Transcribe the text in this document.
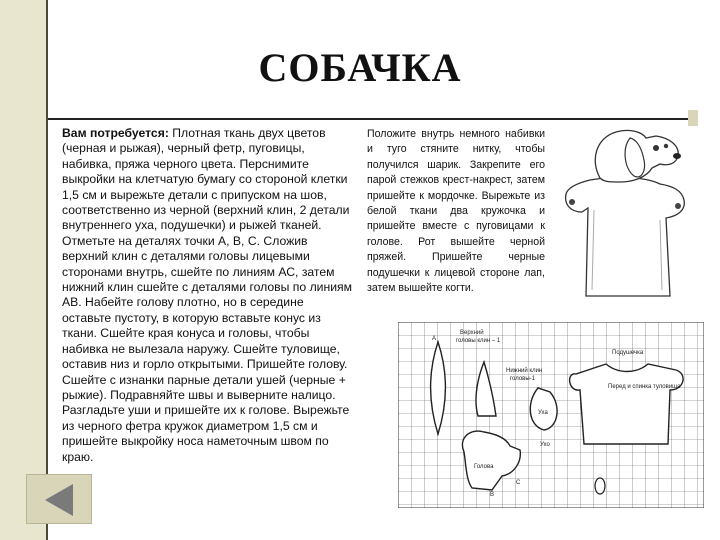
СОБАЧКА
Вам потребуется: Плотная ткань двух цветов (черная и рыжая), черный фетр, пуговицы, набивка, пряжа черного цвета. Перснимите выкройки на клетчатую бумагу со стороной клетки 1,5 см и вырежьте детали с припуском на шов, соответственно из черной (верхний клин, 2 детали внутреннего уха, подушечки) и рыжей тканей. Отметьте на деталях точки А, В, С. Сложив верхний клин с деталями головы лицевыми сторонами внутрь, сшейте по линиям АС, затем нижний клин сшейте с деталями головы по линиям АВ. Набейте голову плотно, но в середине оставьте пустоту, в которую вставьте конус из ткани. Сшейте края конуса и головы, чтобы набивка не вылезала наружу. Сшейте туловище, оставив низ и горло открытыми. Пришейте голову. Сшейте с изнанки парные детали ушей (черные + рыжие). Подравняйте швы и выверните налицо. Разгладьте уши и пришейте их к голове. Вырежьте из черного фетра кружок диаметром 1,5 см и пришейте выкройку носа наметочным швом по краю.
Положите внутрь немного набивки и туго стяните нитку, чтобы получился шарик. Закрепите его парой стежков крест-накрест, затем пришейте к мордочке. Вырежьте из белой ткани два кружочка и пришейте вместе с пуговицами к голове. Рот вышейте черной пряжей. Пришейте черные подушечки к лицевой стороне лап, затем вышейте когти.
Верхний
головы клин – 1
Нижний клин
головы-1
Уха
Ухо
Голова
Подушечка
Перед и спинка туловища
A
B
C
